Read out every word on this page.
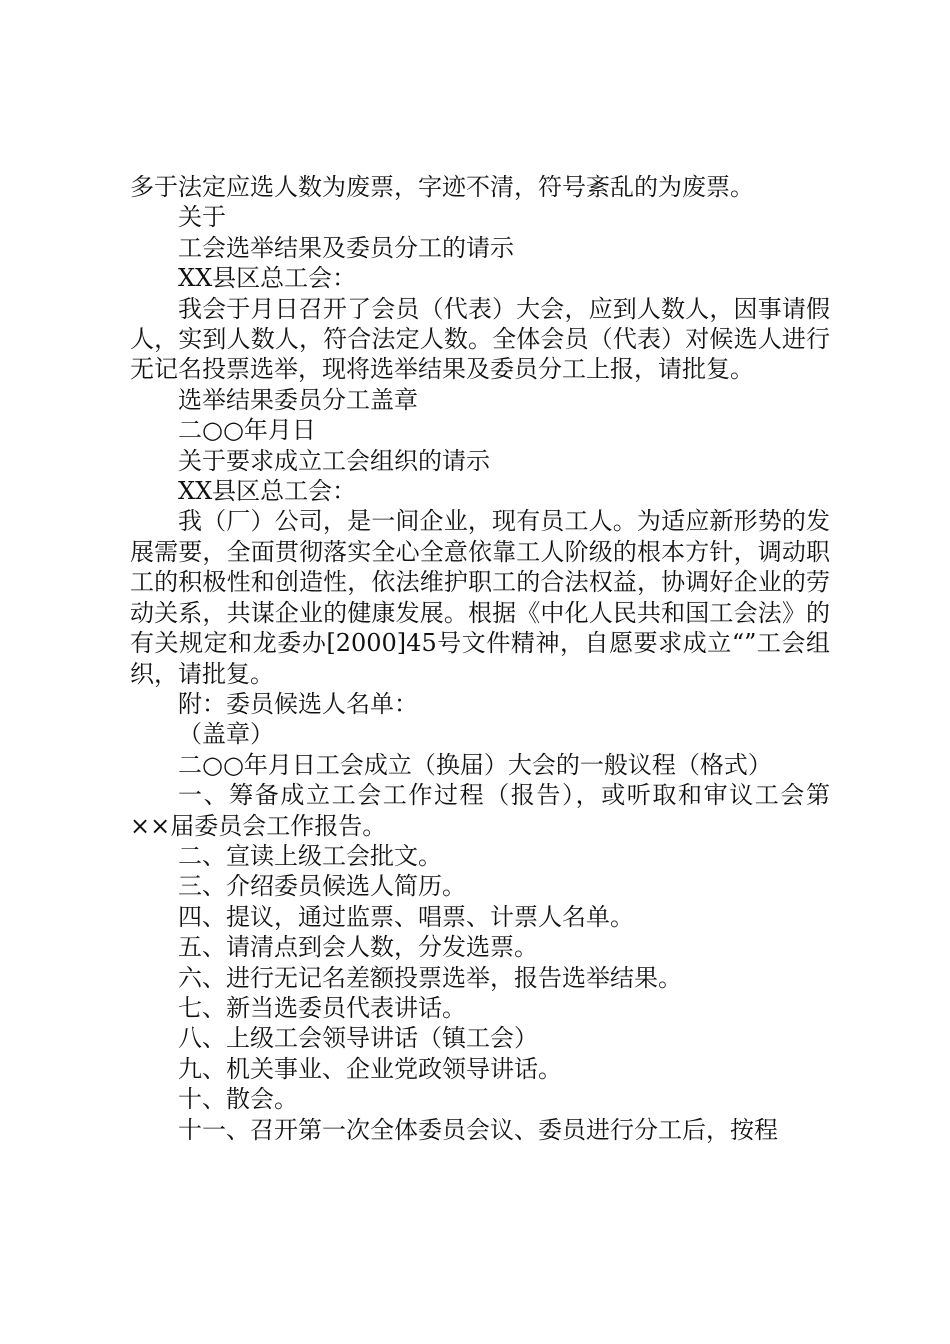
多于法定应选人数为废票，字迹不清，符号紊乱的为废票。

关于

工会选举结果及委员分工的请示

XX县区总工会：

我会于月日召开了会员（代表）大会，应到人数人，因事请假人，实到人数人，符合法定人数。全体会员（代表）对候选人进行无记名投票选举，现将选举结果及委员分工上报，请批复。

选举结果委员分工盖章

二○○年月日

关于要求成立工会组织的请示

XX县区总工会：

我（厂）公司，是一间企业，现有员工人。为适应新形势的发展需要，全面贯彻落实全心全意依靠工人阶级的根本方针，调动职工的积极性和创造性，依法维护职工的合法权益，协调好企业的劳动关系，共谋企业的健康发展。根据《中化人民共和国工会法》的有关规定和龙委办[2000]45号文件精神，自愿要求成立“”工会组织，请批复。

附：委员候选人名单：

（盖章）

二○○年月日工会成立（换届）大会的一般议程（格式）

一、筹备成立工会工作过程（报告），或听取和审议工会第××届委员会工作报告。

二、宣读上级工会批文。

三、介绍委员候选人简历。

四、提议，通过监票、唱票、计票人名单。

五、请清点到会人数，分发选票。

六、进行无记名差额投票选举，报告选举结果。

七、新当选委员代表讲话。

八、上级工会领导讲话（镇工会）

九、机关事业、企业党政领导讲话。

十、散会。

十一、召开第一次全体委员会议、委员进行分工后，按程
